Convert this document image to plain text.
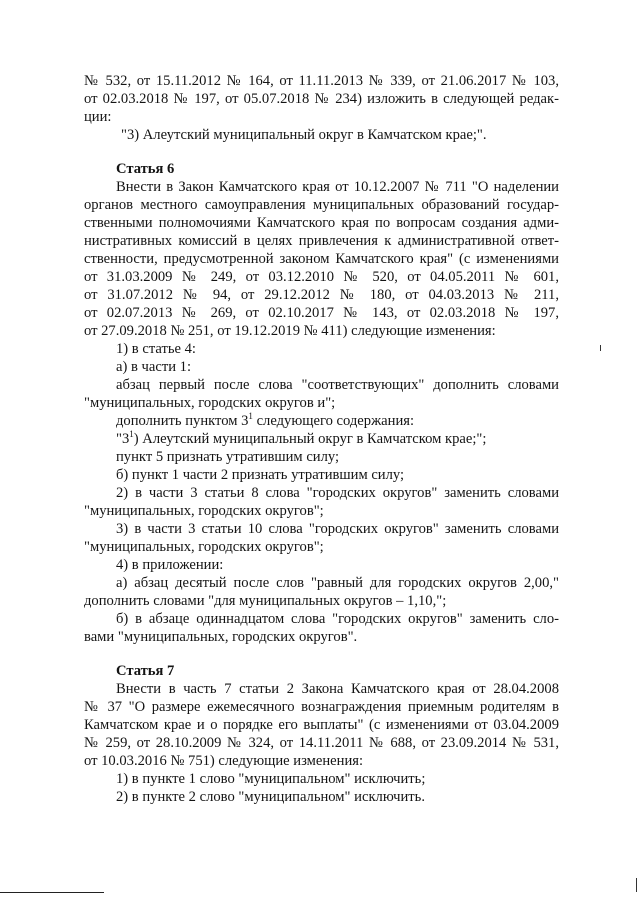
№ 532, от 15.11.2012 № 164, от 11.11.2013 № 339, от 21.06.2017 № 103,
от 02.03.2018 № 197, от 05.07.2018 № 234) изложить в следующей редак-
ции:
"3) Алеутский муниципальный округ в Камчатском крае;".
Статья 6
Внести в Закон Камчатского края от 10.12.2007 № 711 "О наделении
органов местного самоуправления муниципальных образований государ-
ственными полномочиями Камчатского края по вопросам создания адми-
нистративных комиссий в целях привлечения к административной ответ-
ственности, предусмотренной законом Камчатского края" (с изменениями
от 31.03.2009 № 249, от 03.12.2010 № 520, от 04.05.2011 № 601,
от 31.07.2012 № 94, от 29.12.2012 № 180, от 04.03.2013 № 211,
от 02.07.2013 № 269, от 02.10.2017 № 143, от 02.03.2018 № 197,
от 27.09.2018 № 251, от 19.12.2019 № 411) следующие изменения:
1) в статье 4:
а) в части 1:
абзац первый после слова "соответствующих" дополнить словами
"муниципальных, городских округов и";
дополнить пунктом $3^1$ следующего содержания:
"$3^1$) Алеутский муниципальный округ в Камчатском крае;";
пункт 5 признать утратившим силу;
б) пункт 1 части 2 признать утратившим силу;
2) в части 3 статьи 8 слова "городских округов" заменить словами
"муниципальных, городских округов";
3) в части 3 статьи 10 слова "городских округов" заменить словами
"муниципальных, городских округов";
4) в приложении:
а) абзац десятый после слов "равный для городских округов 2,00,"
дополнить словами "для муниципальных округов – 1,10,";
б) в абзаце одиннадцатом слова "городских округов" заменить сло-
вами "муниципальных, городских округов".
Статья 7
Внести в часть 7 статьи 2 Закона Камчатского края от 28.04.2008
№ 37 "О размере ежемесячного вознаграждения приемным родителям в
Камчатском крае и о порядке его выплаты" (с изменениями от 03.04.2009
№ 259, от 28.10.2009 № 324, от 14.11.2011 № 688, от 23.09.2014 № 531,
от 10.03.2016 № 751) следующие изменения:
1) в пункте 1 слово "муниципальном" исключить;
2) в пункте 2 слово "муниципальном" исключить.
